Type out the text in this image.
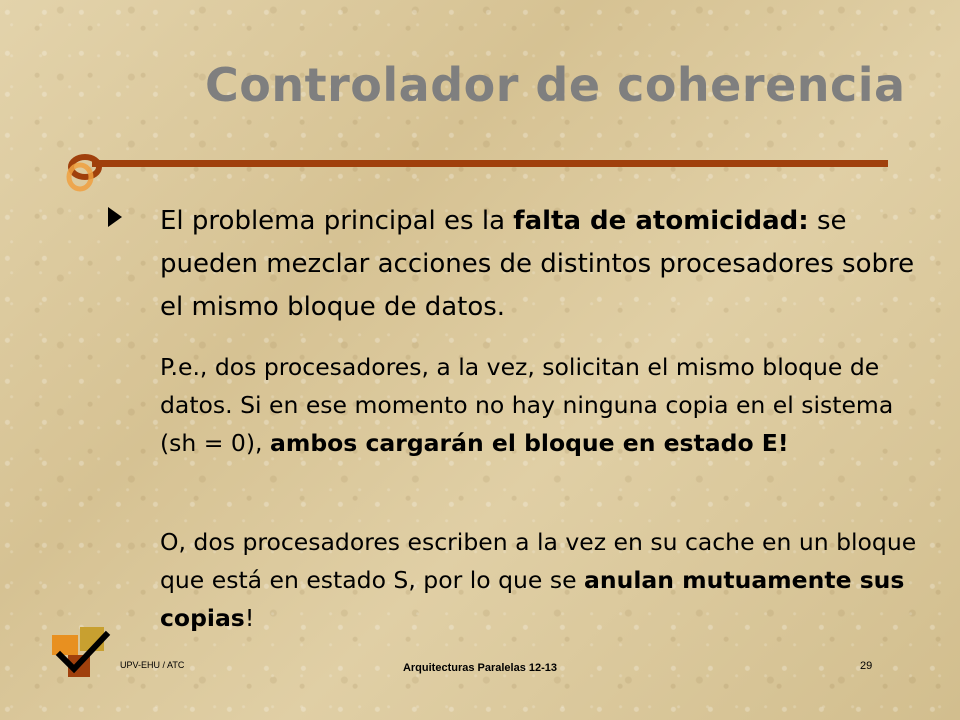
Controlador de coherencia

El problema principal es la falta de atomicidad: se pueden mezclar acciones de distintos procesadores sobre el mismo bloque de datos.

P.e., dos procesadores, a la vez, solicitan el mismo bloque de datos. Si en ese momento no hay ninguna copia en el sistema (sh = 0), ambos cargarán el bloque en estado E!

O, dos procesadores escriben a la vez en su cache en un bloque que está en estado S, por lo que se anulan mutuamente sus copias!

UPV-EHU / ATC	Arquitecturas Paralelas 12-13	29
